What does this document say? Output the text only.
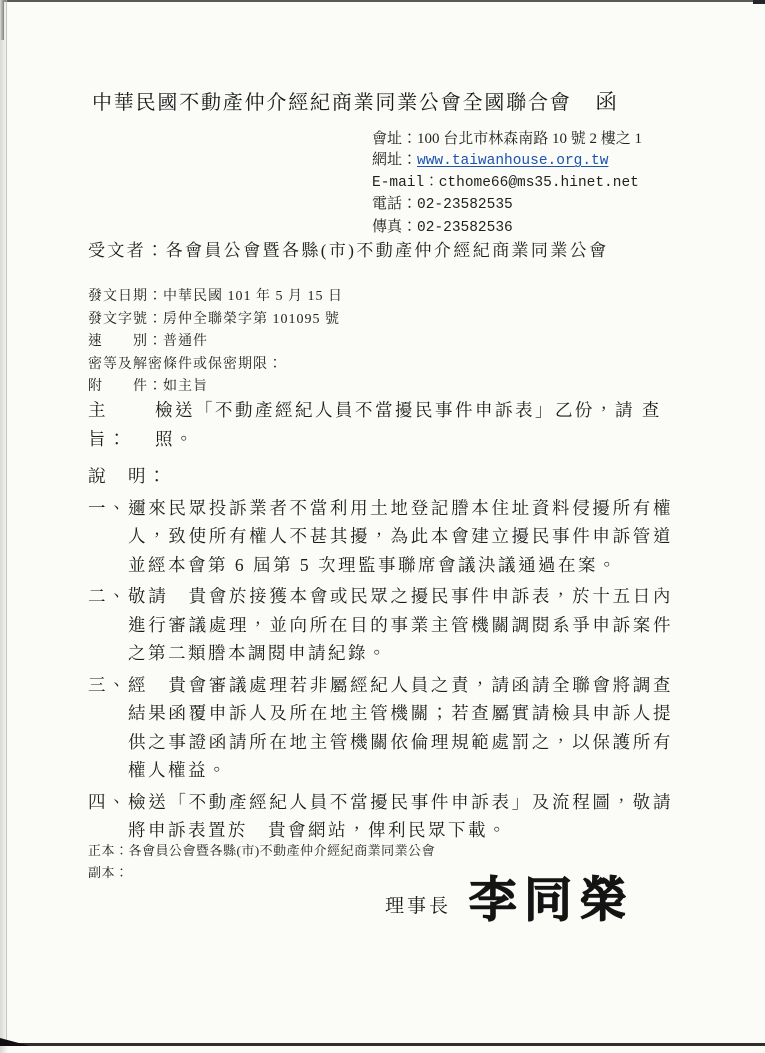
中華民國不動產仲介經紀商業同業公會全國聯合會 函
會址：100 台北市林森南路 10 號 2 樓之 1
網址：www.taiwanhouse.org.tw
E-mail：cthome66@ms35.hinet.net
電話：02-23582535
傳真：02-23582536
受文者：各會員公會暨各縣(市)不動產仲介經紀商業同業公會
發文日期：中華民國 101 年 5 月 15 日
發文字號：房仲全聯榮字第 101095 號
速　　別：普通件
密等及解密條件或保密期限：
附　　件：如主旨
主　旨：
檢送「不動產經紀人員不當擾民事件申訴表」乙份，請 查
照。
說　明：
一、 邇來民眾投訴業者不當利用土地登記謄本住址資料侵擾所有權人，致使所有權人不甚其擾，為此本會建立擾民事件申訴管道並經本會第 6 屆第 5 次理監事聯席會議決議通過在案。
二、 敬請　貴會於接獲本會或民眾之擾民事件申訴表，於十五日內進行審議處理，並向所在目的事業主管機關調閱系爭申訴案件之第二類謄本調閱申請紀錄。
三、 經　貴會審議處理若非屬經紀人員之責，請函請全聯會將調查結果函覆申訴人及所在地主管機關；若查屬實請檢具申訴人提供之事證函請所在地主管機關依倫理規範處罰之，以保護所有權人權益。
四、 檢送「不動產經紀人員不當擾民事件申訴表」及流程圖，敬請將申訴表置於　貴會網站，俾利民眾下載。
正本：各會員公會暨各縣(市)不動產仲介經紀商業同業公會
副本：
理事長 李同榮
